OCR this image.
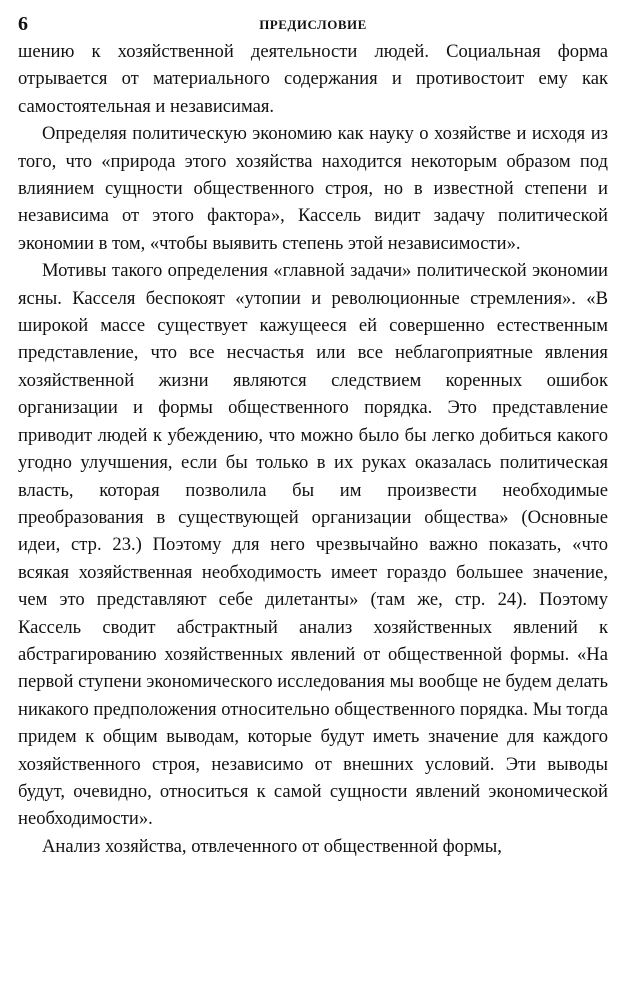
6	ПРЕДИСЛОВИЕ

шению к хозяйственной деятельности людей. Социальная форма отрывается от материального содержания и противостоит ему как самостоятельная и независимая.

Определяя политическую экономию как науку о хозяйстве и исходя из того, что «природа этого хозяйства находится некоторым образом под влиянием сущности общественного строя, но в известной степени и независима от этого фактора», Кассель видит задачу политической экономии в том, «чтобы выявить степень этой независимости».

Мотивы такого определения «главной задачи» политической экономии ясны. Касселя беспокоят «утопии и революционные стремления». «В широкой массе существует кажущееся ей совершенно естественным представление, что все несчастья или все неблагоприятные явления хозяйственной жизни являются следствием коренных ошибок организации и формы общественного порядка. Это представление приводит людей к убеждению, что можно было бы легко добиться какого угодно улучшения, если бы только в их руках оказалась политическая власть, которая позволила бы им произвести необходимые преобразования в существующей организации общества» (Основные идеи, стр. 23.) Поэтому для него чрезвычайно важно показать, «что всякая хозяйственная необходимость имеет гораздо большее значение, чем это представляют себе дилетанты» (там же, стр. 24). Поэтому Кассель сводит абстрактный анализ хозяйственных явлений к абстрагированию хозяйственных явлений от общественной формы. «На первой ступени экономического исследования мы вообще не будем делать никакого предположения относительно общественного порядка. Мы тогда придем к общим выводам, которые будут иметь значение для каждого хозяйственного строя, независимо от внешних условий. Эти выводы будут, очевидно, относиться к самой сущности явлений экономической необходимости».

Анализ хозяйства, отвлеченного от общественной формы,
